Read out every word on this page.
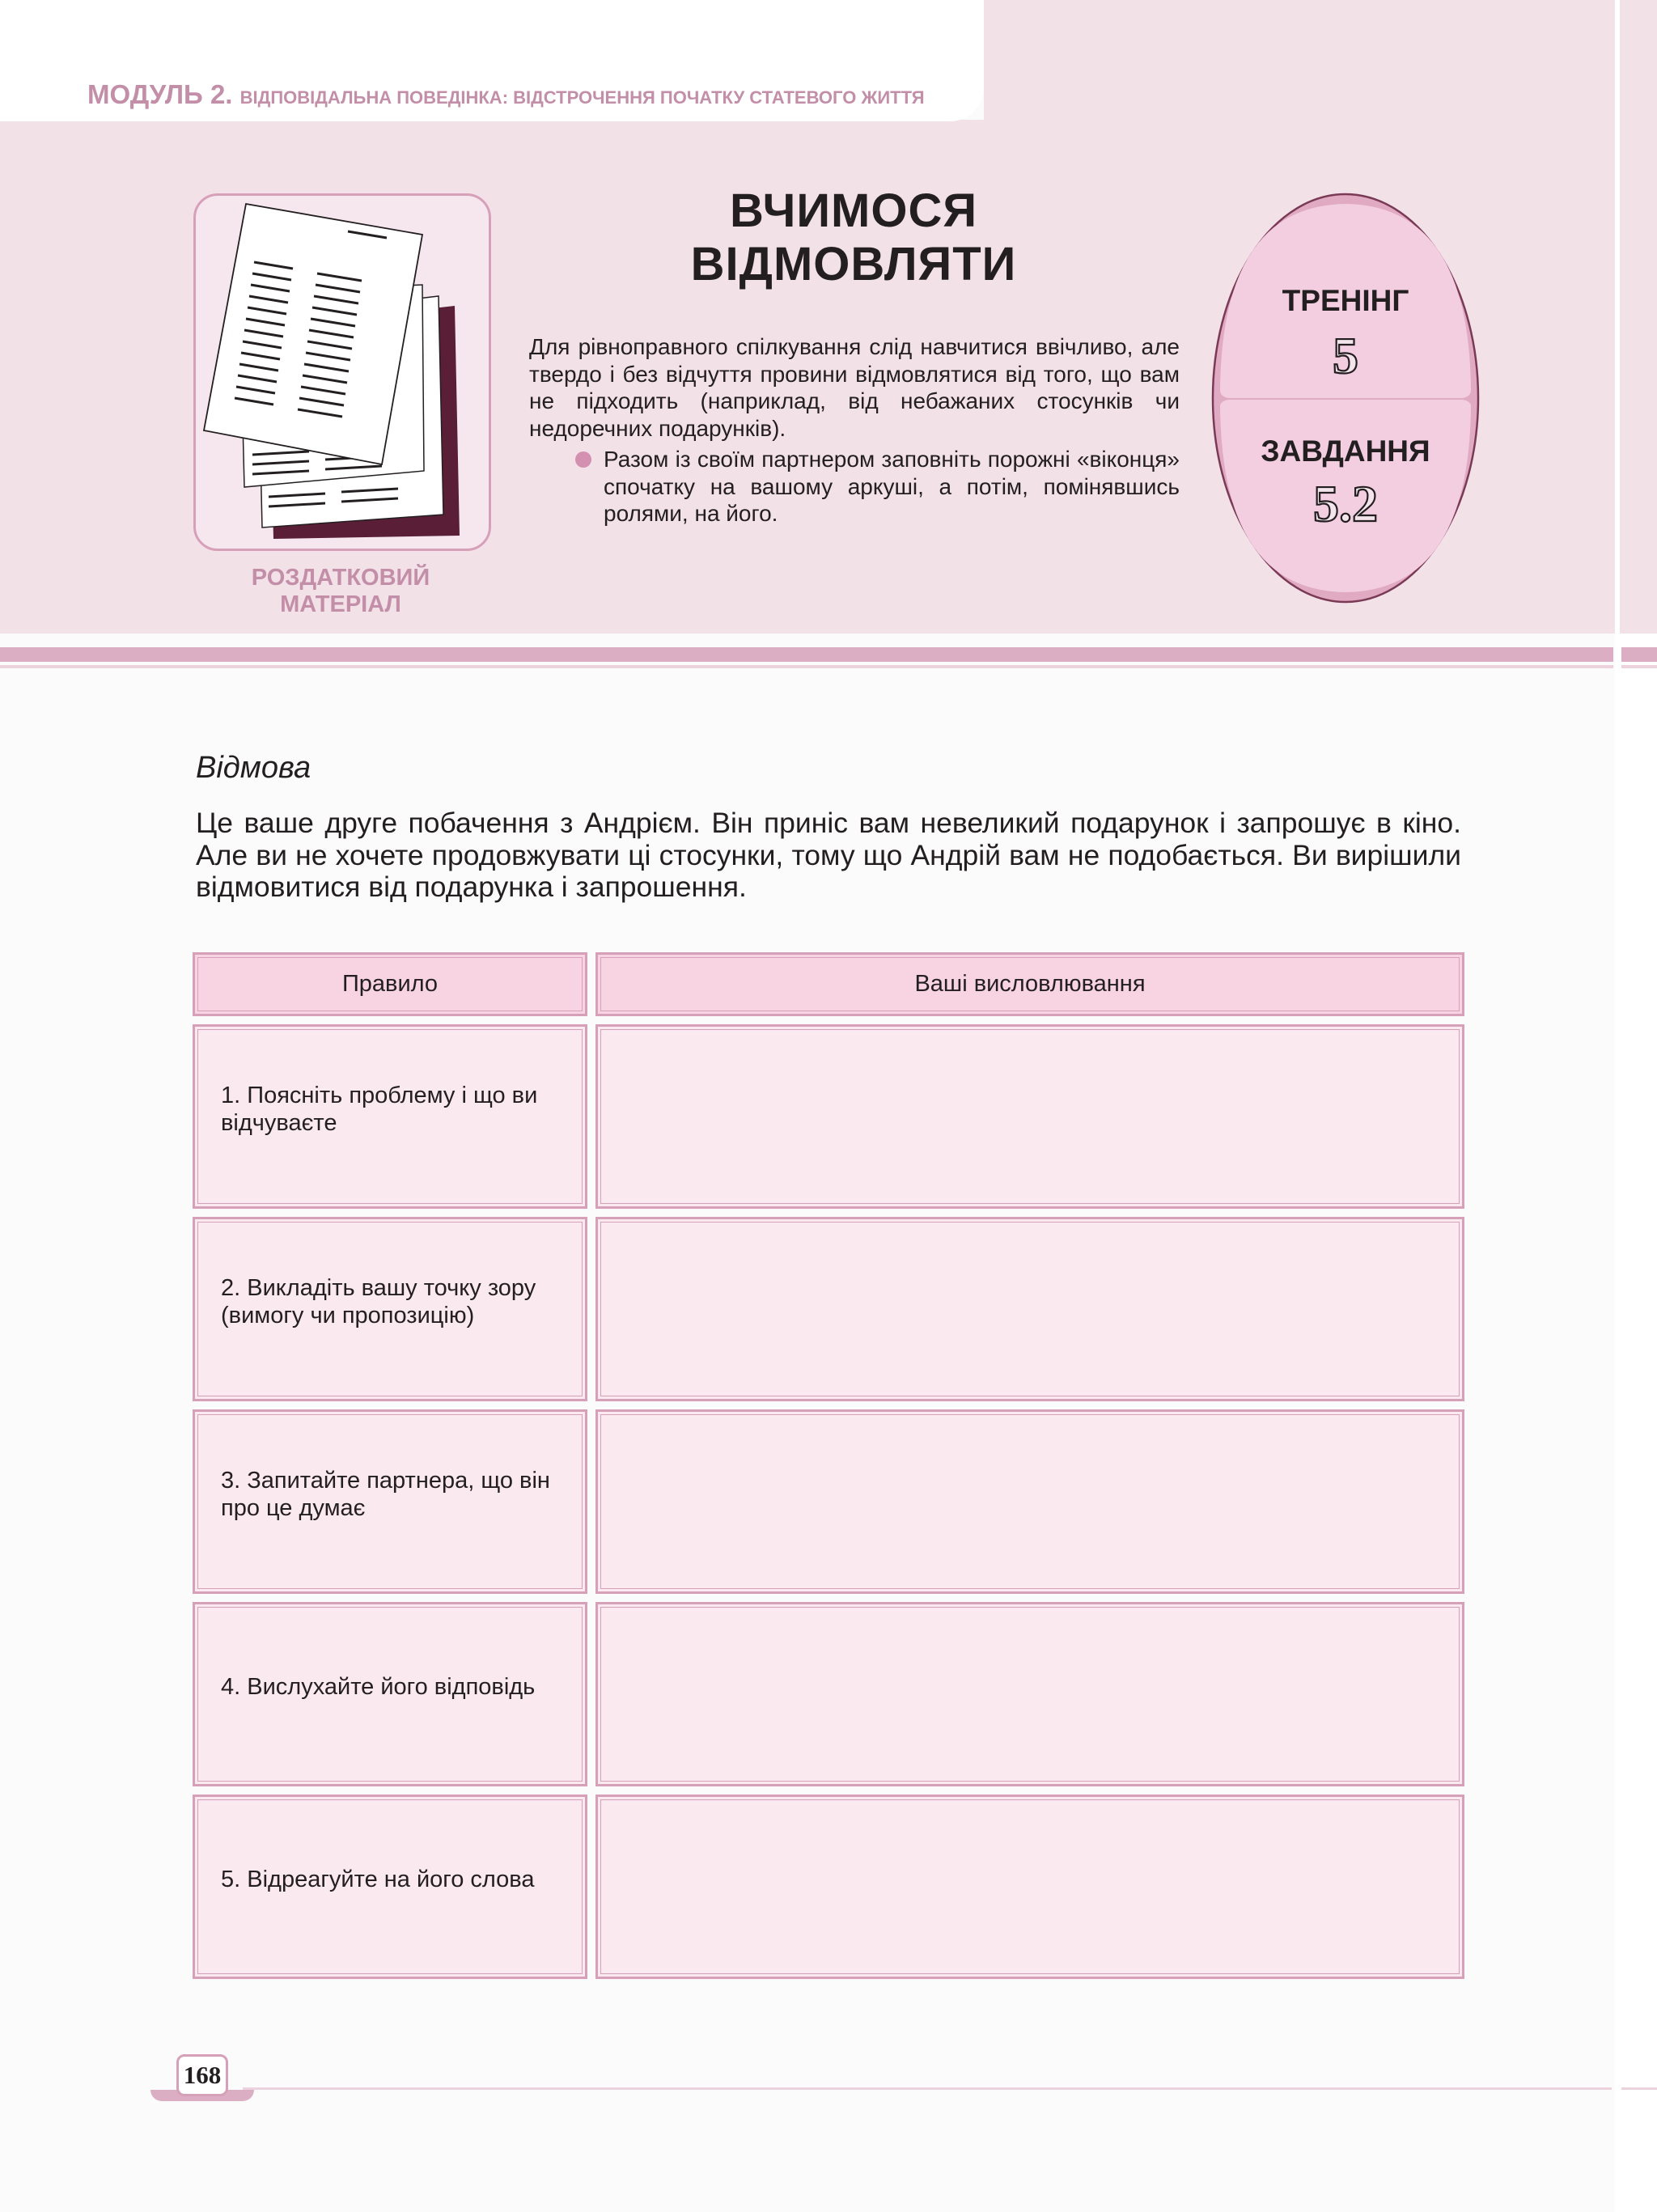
МОДУЛЬ 2. ВІДПОВІДАЛЬНА ПОВЕДІНКА: ВІДСТРОЧЕННЯ ПОЧАТКУ СТАТЕВОГО ЖИТТЯ
РОЗДАТКОВИЙ
МАТЕРІАЛ
ВЧИМОСЯ
ВІДМОВЛЯТИ
Для рівноправного спілкування слід навчитися ввічливо, але твердо і без відчуття провини відмовлятися від того, що вам не підходить (наприклад, від небажаних стосунків чи недоречних подарунків).
Разом із своїм партнером заповніть порожні «віконця» спочатку на вашому аркуші, а потім, помінявшись ролями, на його.
ТРЕНІНГ
5
ЗАВДАННЯ
5.2
Відмова
Це ваше друге побачення з Андрієм. Він приніс вам невеликий подарунок і запрошує в кіно. Але ви не хочете продовжувати ці стосунки, тому що Андрій вам не подобається. Ви вирішили відмовитися від подарунка і запрошення.
Правило	Ваші висловлювання
1. Поясніть проблему і що ви відчуваєте
2. Викладіть вашу точку зору (вимогу чи пропозицію)
3. Запитайте партнера, що він про це думає
4. Вислухайте його відповідь
5. Відреагуйте на його слова
168
